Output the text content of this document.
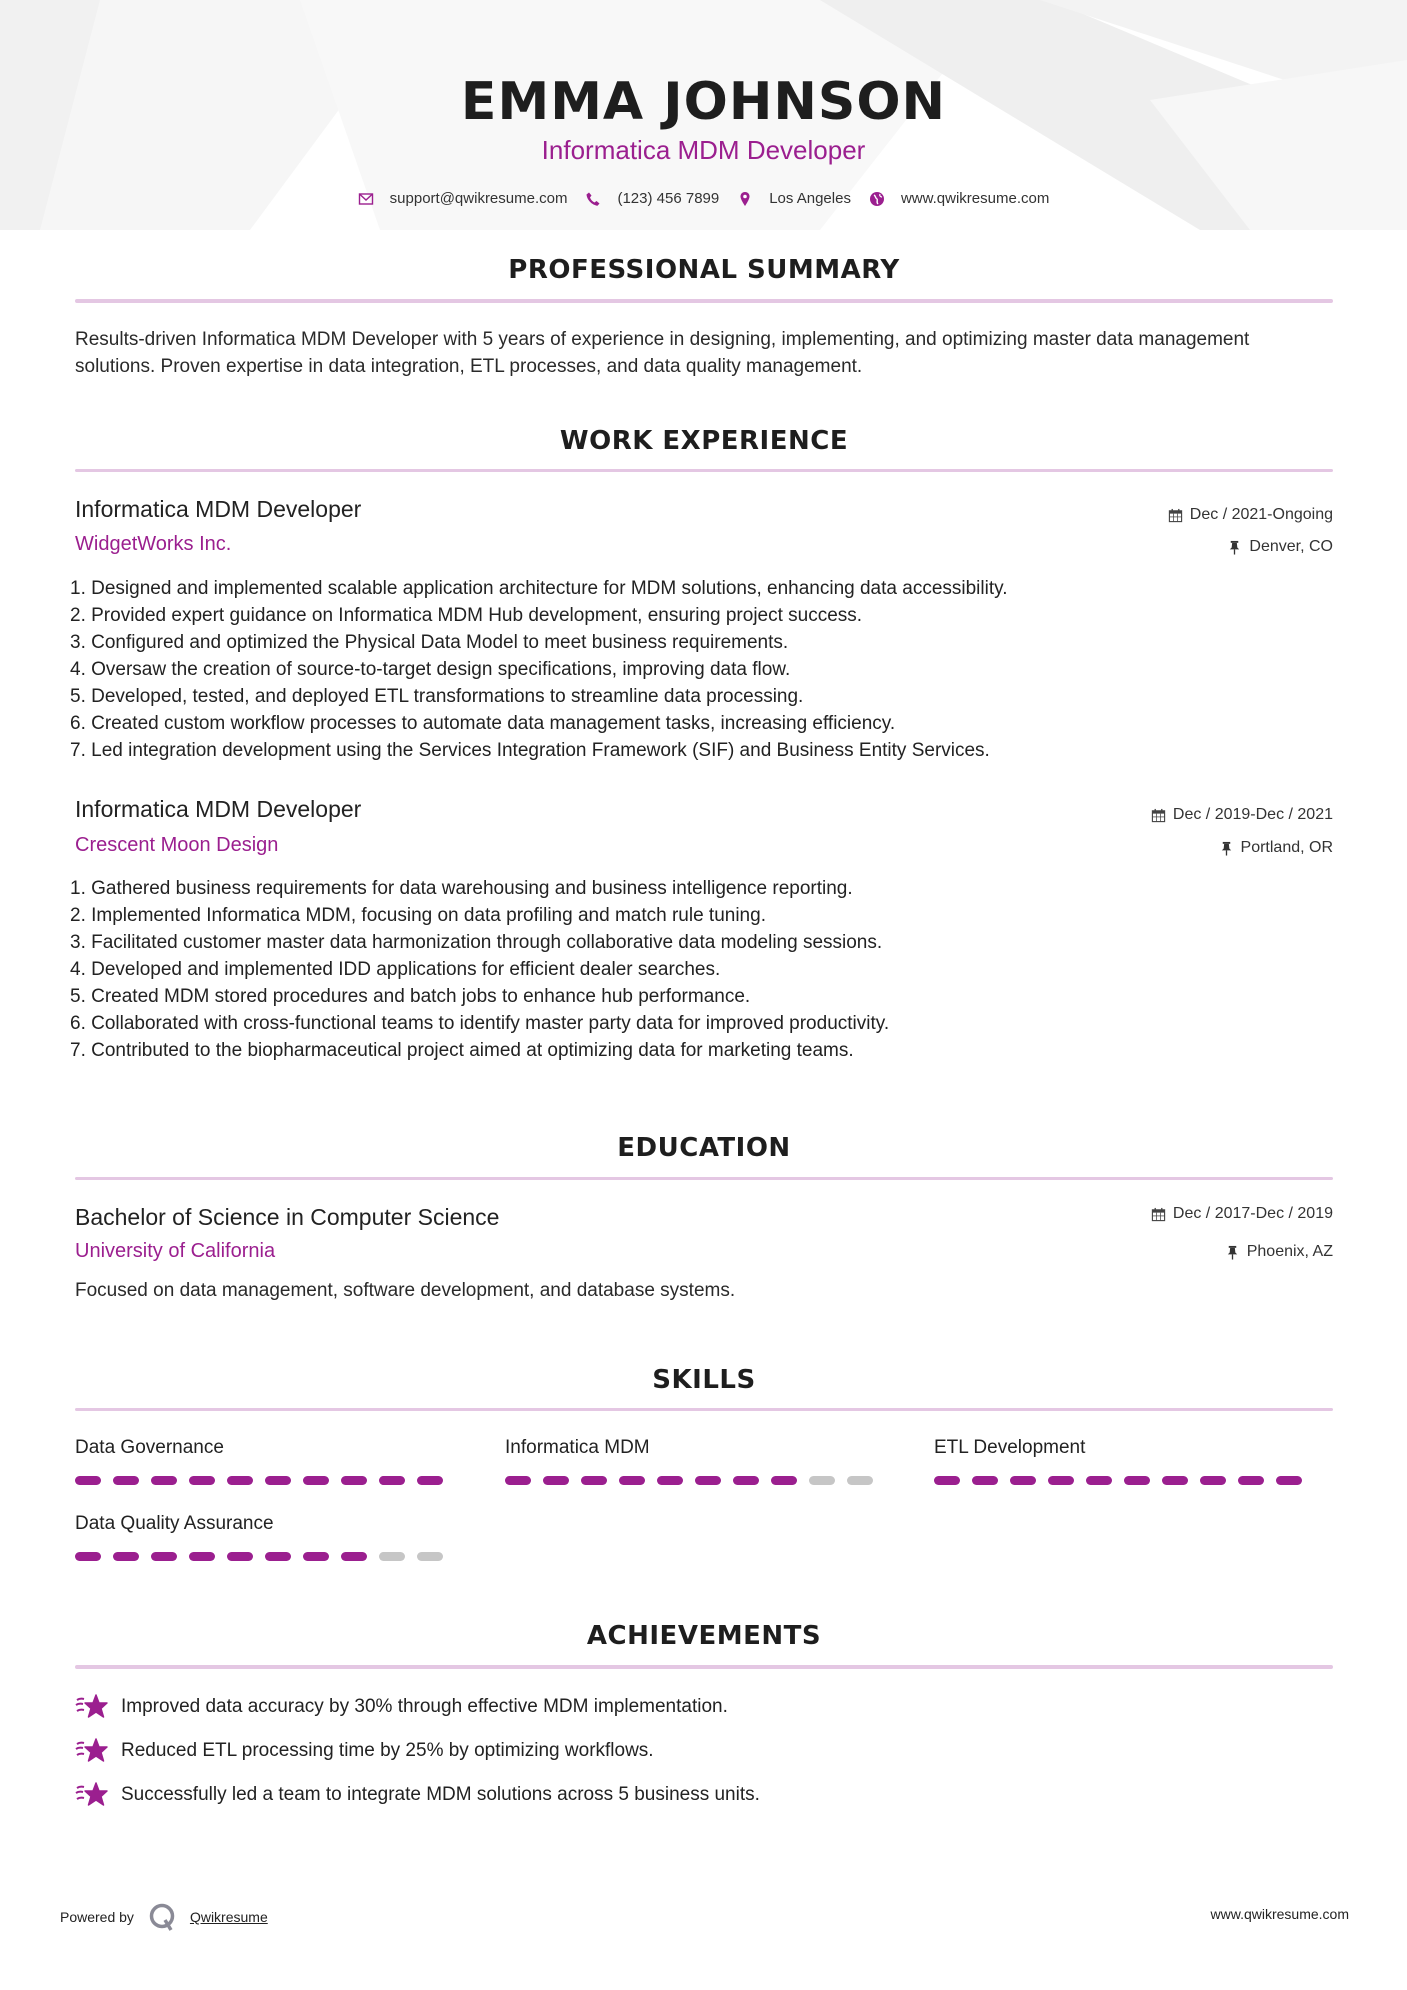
EMMA JOHNSON
Informatica MDM Developer
support@qwikresume.com	(123) 456 7899	Los Angeles	www.qwikresume.com
PROFESSIONAL SUMMARY
Results-driven Informatica MDM Developer with 5 years of experience in designing, implementing, and optimizing master data management solutions. Proven expertise in data integration, ETL processes, and data quality management.
WORK EXPERIENCE
Informatica MDM Developer	Dec / 2021-Ongoing
WidgetWorks Inc.	Denver, CO
1. Designed and implemented scalable application architecture for MDM solutions, enhancing data accessibility.
2. Provided expert guidance on Informatica MDM Hub development, ensuring project success.
3. Configured and optimized the Physical Data Model to meet business requirements.
4. Oversaw the creation of source-to-target design specifications, improving data flow.
5. Developed, tested, and deployed ETL transformations to streamline data processing.
6. Created custom workflow processes to automate data management tasks, increasing efficiency.
7. Led integration development using the Services Integration Framework (SIF) and Business Entity Services.
Informatica MDM Developer	Dec / 2019-Dec / 2021
Crescent Moon Design	Portland, OR
1. Gathered business requirements for data warehousing and business intelligence reporting.
2. Implemented Informatica MDM, focusing on data profiling and match rule tuning.
3. Facilitated customer master data harmonization through collaborative data modeling sessions.
4. Developed and implemented IDD applications for efficient dealer searches.
5. Created MDM stored procedures and batch jobs to enhance hub performance.
6. Collaborated with cross-functional teams to identify master party data for improved productivity.
7. Contributed to the biopharmaceutical project aimed at optimizing data for marketing teams.
EDUCATION
Bachelor of Science in Computer Science	Dec / 2017-Dec / 2019
University of California	Phoenix, AZ
Focused on data management, software development, and database systems.
SKILLS
Data Governance	Informatica MDM	ETL Development
Data Quality Assurance
ACHIEVEMENTS
Improved data accuracy by 30% through effective MDM implementation.
Reduced ETL processing time by 25% by optimizing workflows.
Successfully led a team to integrate MDM solutions across 5 business units.
Powered by	Qwikresume	www.qwikresume.com
